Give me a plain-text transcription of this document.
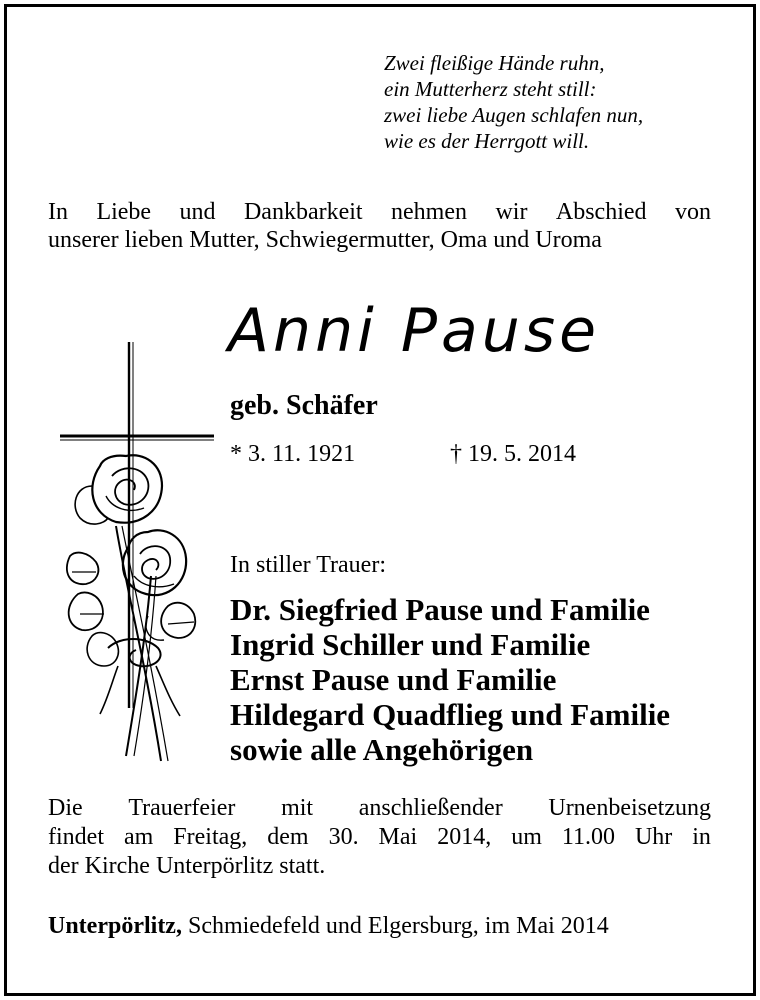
Zwei fleißige Hände ruhn,
ein Mutterherz steht still:
zwei liebe Augen schlafen nun,
wie es der Herrgott will.
In Liebe und Dankbarkeit nehmen wir Abschied von
unserer lieben Mutter, Schwiegermutter, Oma und Uroma
Anni Pause
geb. Schäfer
* 3. 11. 1921	† 19. 5. 2014
In stiller Trauer:
Dr. Siegfried Pause und Familie
Ingrid Schiller und Familie
Ernst Pause und Familie
Hildegard Quadflieg und Familie
sowie alle Angehörigen
Die Trauerfeier mit anschließender Urnenbeisetzung
findet am Freitag, dem 30. Mai 2014, um 11.00 Uhr in
der Kirche Unterpörlitz statt.
Unterpörlitz, Schmiedefeld und Elgersburg, im Mai 2014
